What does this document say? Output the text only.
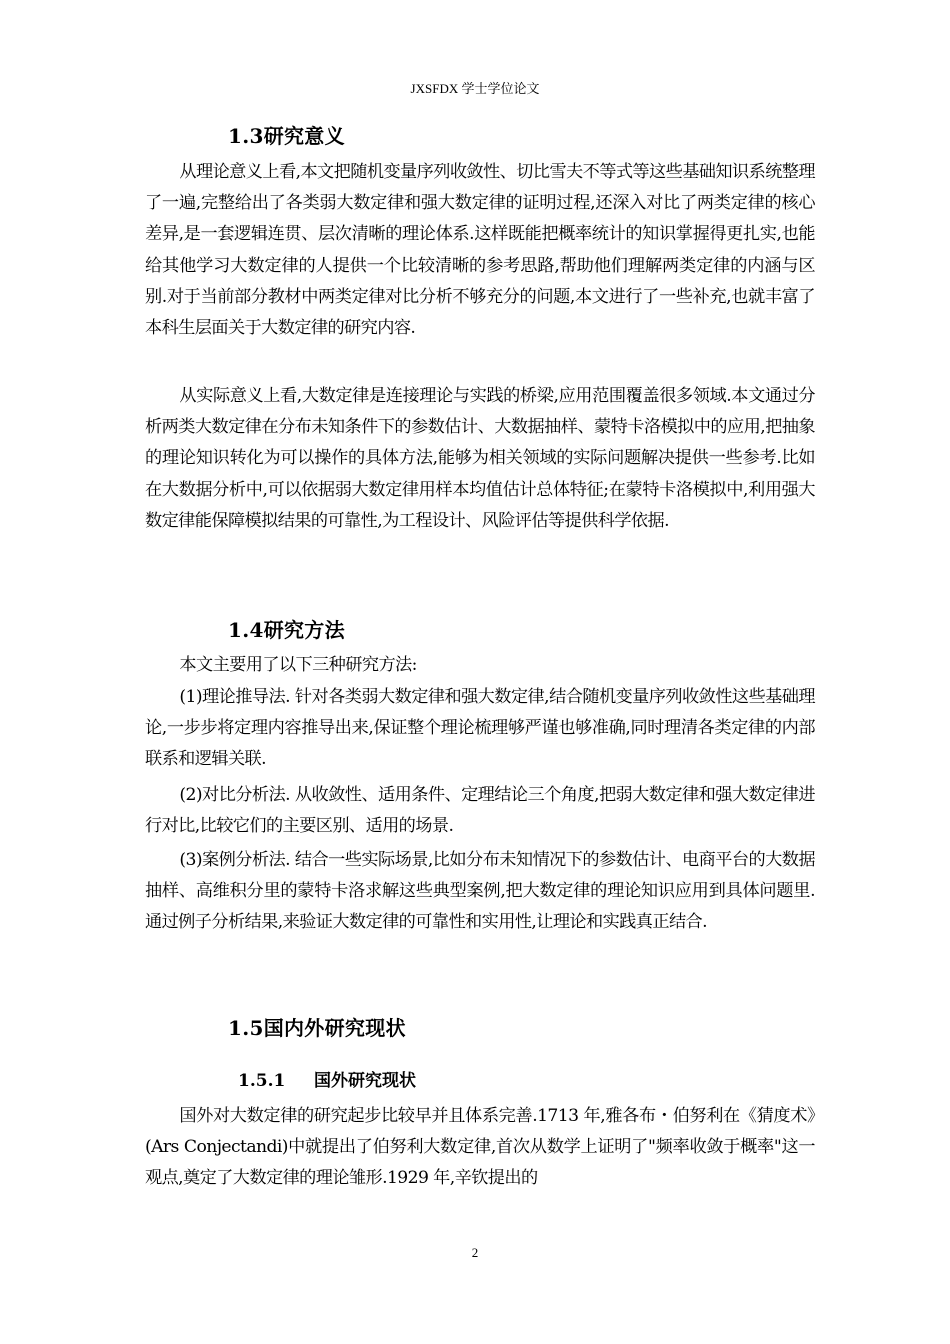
JXSFDX 学士学位论文
1.3研究意义
从理论意义上看,本文把随机变量序列收敛性、切比雪夫不等式等这些基础知识系统整理了一遍,完整给出了各类弱大数定律和强大数定律的证明过程,还深入对比了两类定律的核心差异,是一套逻辑连贯、层次清晰的理论体系.这样既能把概率统计的知识掌握得更扎实,也能给其他学习大数定律的人提供一个比较清晰的参考思路,帮助他们理解两类定律的内涵与区别.对于当前部分教材中两类定律对比分析不够充分的问题,本文进行了一些补充,也就丰富了本科生层面关于大数定律的研究内容.
从实际意义上看,大数定律是连接理论与实践的桥梁,应用范围覆盖很多领域.本文通过分析两类大数定律在分布未知条件下的参数估计、大数据抽样、蒙特卡洛模拟中的应用,把抽象的理论知识转化为可以操作的具体方法,能够为相关领域的实际问题解决提供一些参考.比如在大数据分析中,可以依据弱大数定律用样本均值估计总体特征;在蒙特卡洛模拟中,利用强大数定律能保障模拟结果的可靠性,为工程设计、风险评估等提供科学依据.
1.4研究方法
本文主要用了以下三种研究方法:
(1)理论推导法. 针对各类弱大数定律和强大数定律,结合随机变量序列收敛性这些基础理论,一步步将定理内容推导出来,保证整个理论梳理够严谨也够准确,同时理清各类定律的内部联系和逻辑关联.
(2)对比分析法. 从收敛性、适用条件、定理结论三个角度,把弱大数定律和强大数定律进行对比,比较它们的主要区别、适用的场景.
(3)案例分析法. 结合一些实际场景,比如分布未知情况下的参数估计、电商平台的大数据抽样、高维积分里的蒙特卡洛求解这些典型案例,把大数定律的理论知识应用到具体问题里.通过例子分析结果,来验证大数定律的可靠性和实用性,让理论和实践真正结合.
1.5国内外研究现状
1.5.1 国外研究现状
国外对大数定律的研究起步比较早并且体系完善.1713 年,雅各布・伯努利在《猜度术》(Ars Conjectandi)中就提出了伯努利大数定律,首次从数学上证明了"频率收敛于概率"这一观点,奠定了大数定律的理论雏形.1929 年,辛钦提出的
2
